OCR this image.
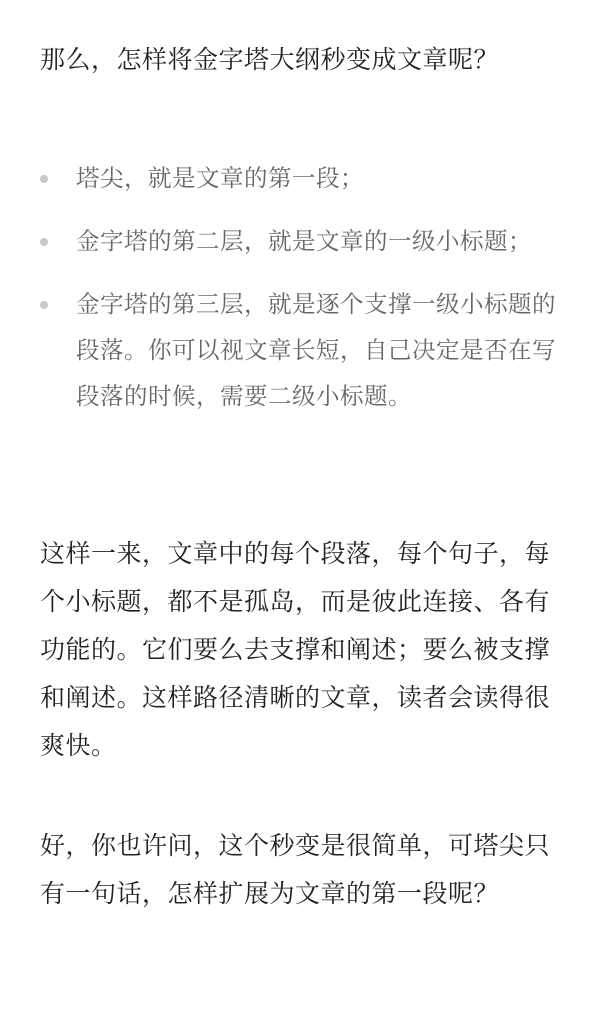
那么，怎样将金字塔大纲秒变成文章呢？

塔尖，就是文章的第一段；
金字塔的第二层，就是文章的一级小标题；
金字塔的第三层，就是逐个支撑一级小标题的段落。你可以视文章长短，自己决定是否在写段落的时候，需要二级小标题。

这样一来，文章中的每个段落，每个句子，每个小标题，都不是孤岛，而是彼此连接、各有功能的。它们要么去支撑和阐述；要么被支撑和阐述。这样路径清晰的文章，读者会读得很爽快。

好，你也许问，这个秒变是很简单，可塔尖只有一句话，怎样扩展为文章的第一段呢？
